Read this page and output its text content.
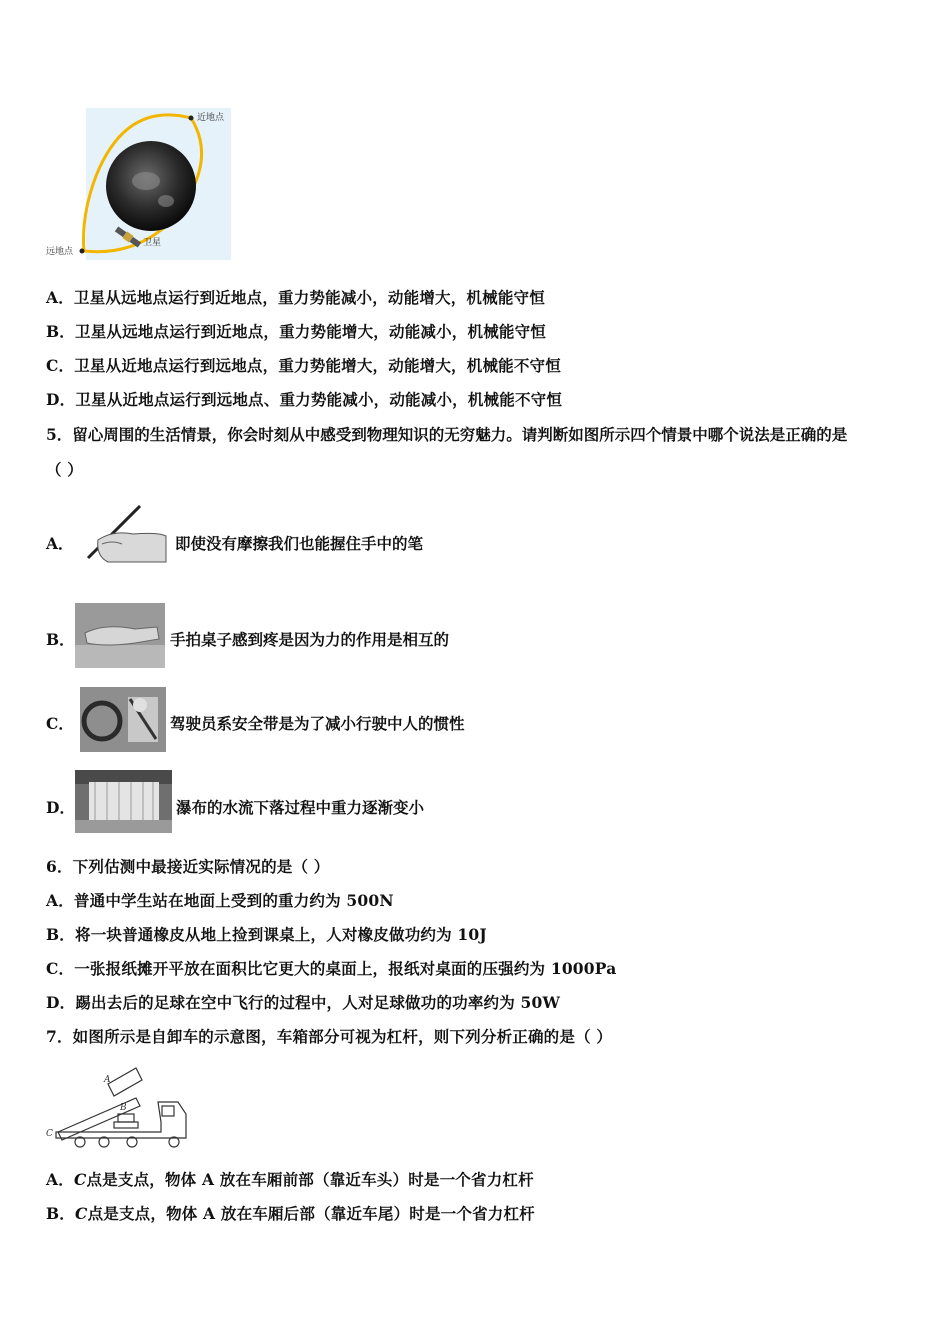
近地点
远地点
卫星
A．卫星从远地点运行到近地点，重力势能减小，动能增大，机械能守恒
B．卫星从远地点运行到近地点，重力势能增大，动能减小，机械能守恒
C．卫星从近地点运行到远地点，重力势能增大，动能增大，机械能不守恒
D．卫星从近地点运行到远地点、重力势能减小，动能减小，机械能不守恒
5．留心周围的生活情景，你会时刻从中感受到物理知识的无穷魅力。请判断如图所示四个情景中哪个说法是正确的是
（ ）
A．	即使没有摩擦我们也能握住手中的笔
B．	手拍桌子感到疼是因为力的作用是相互的
C．	驾驶员系安全带是为了减小行驶中人的惯性
D．	瀑布的水流下落过程中重力逐渐变小
6．下列估测中最接近实际情况的是（ ）
A．普通中学生站在地面上受到的重力约为 500N
B．将一块普通橡皮从地上捡到课桌上，人对橡皮做功约为 10J
C．一张报纸摊开平放在面积比它更大的桌面上，报纸对桌面的压强约为 1000Pa
D．踢出去后的足球在空中飞行的过程中，人对足球做功的功率约为 50W
7．如图所示是自卸车的示意图，车箱部分可视为杠杆，则下列分析正确的是（ ）
A
B
C
A．C点是支点，物体 A 放在车厢前部（靠近车头）时是一个省力杠杆
B．C点是支点，物体 A 放在车厢后部（靠近车尾）时是一个省力杠杆
